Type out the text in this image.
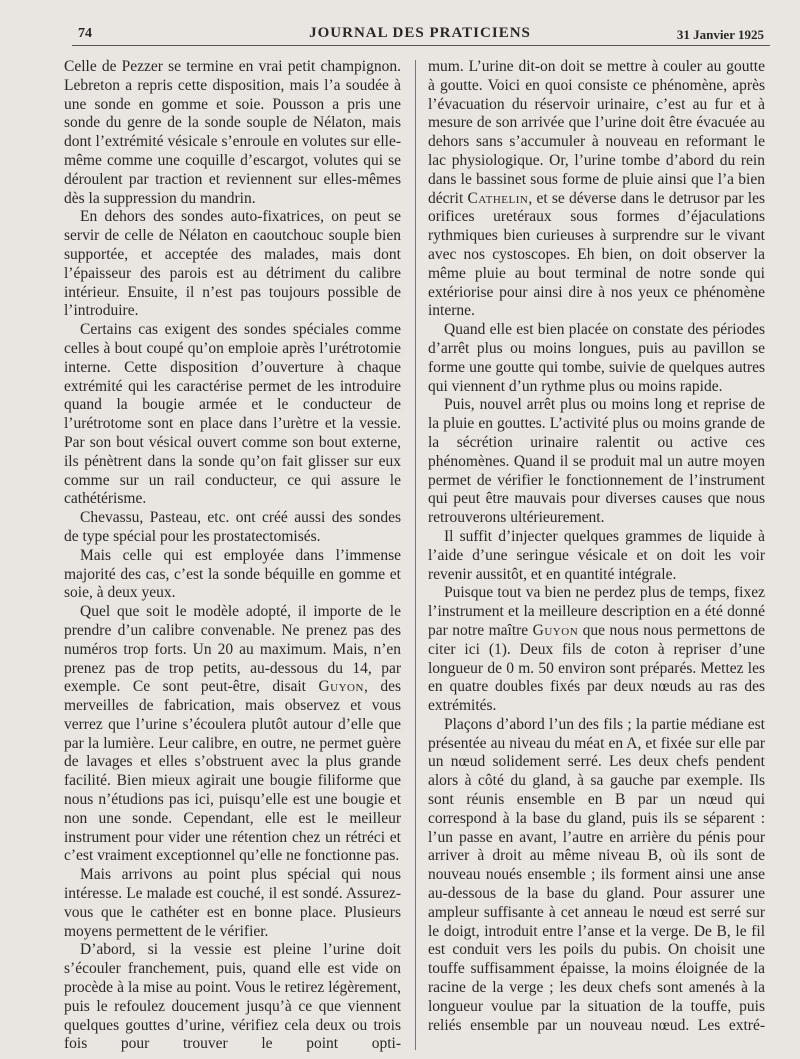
74	JOURNAL DES PRATICIENS	31 Janvier 1925

Celle de Pezzer se termine en vrai petit champignon. Lebreton a repris cette disposition, mais l’a soudée à une sonde en gomme et soie. Pousson a pris une sonde du genre de la sonde souple de Nélaton, mais dont l’extrémité vésicale s’enroule en volutes sur elle-même comme une coquille d’escargot, volutes qui se déroulent par traction et reviennent sur elles-mêmes dès la suppression du mandrin.

En dehors des sondes auto-fixatrices, on peut se servir de celle de Nélaton en caoutchouc souple bien supportée, et acceptée des malades, mais dont l’épaisseur des parois est au détriment du calibre intérieur. Ensuite, il n’est pas toujours possible de l’introduire.

Certains cas exigent des sondes spéciales comme celles à bout coupé qu’on emploie après l’urétrotomie interne. Cette disposition d’ouverture à chaque extrémité qui les caractérise permet de les introduire quand la bougie armée et le conducteur de l’urétrotome sont en place dans l’urètre et la vessie. Par son bout vésical ouvert comme son bout externe, ils pénètrent dans la sonde qu’on fait glisser sur eux comme sur un rail conducteur, ce qui assure le cathétérisme.

Chevassu, Pasteau, etc. ont créé aussi des sondes de type spécial pour les prostatectomisés.

Mais celle qui est employée dans l’immense majorité des cas, c’est la sonde béquille en gomme et soie, à deux yeux.

Quel que soit le modèle adopté, il importe de le prendre d’un calibre convenable. Ne prenez pas des numéros trop forts. Un 20 au maximum. Mais, n’en prenez pas de trop petits, au-dessous du 14, par exemple. Ce sont peut-être, disait Guyon, des merveilles de fabrication, mais observez et vous verrez que l’urine s’écoulera plutôt autour d’elle que par la lumière. Leur calibre, en outre, ne permet guère de lavages et elles s’obstruent avec la plus grande facilité. Bien mieux agirait une bougie filiforme que nous n’étudions pas ici, puisqu’elle est une bougie et non une sonde. Cependant, elle est le meilleur instrument pour vider une rétention chez un rétréci et c’est vraiment exceptionnel qu’elle ne fonctionne pas.

Mais arrivons au point plus spécial qui nous intéresse. Le malade est couché, il est sondé. Assurez-vous que le cathéter est en bonne place. Plusieurs moyens permettent de le vérifier.

D’abord, si la vessie est pleine l’urine doit s’écouler franchement, puis, quand elle est vide on procède à la mise au point. Vous le retirez légèrement, puis le refoulez doucement jusqu’à ce que viennent quelques gouttes d’urine, vérifiez cela deux ou trois fois pour trouver le point opti-

mum. L’urine dit-on doit se mettre à couler au goutte à goutte. Voici en quoi consiste ce phénomène, après l’évacuation du réservoir urinaire, c’est au fur et à mesure de son arrivée que l’urine doit être évacuée au dehors sans s’accumuler à nouveau en reformant le lac physiologique. Or, l’urine tombe d’abord du rein dans le bassinet sous forme de pluie ainsi que l’a bien décrit Cathelin, et se déverse dans le detrusor par les orifices uretéraux sous formes d’éjaculations rythmiques bien curieuses à surprendre sur le vivant avec nos cystoscopes. Eh bien, on doit observer la même pluie au bout terminal de notre sonde qui extériorise pour ainsi dire à nos yeux ce phénomène interne.

Quand elle est bien placée on constate des périodes d’arrêt plus ou moins longues, puis au pavillon se forme une goutte qui tombe, suivie de quelques autres qui viennent d’un rythme plus ou moins rapide.

Puis, nouvel arrêt plus ou moins long et reprise de la pluie en gouttes. L’activité plus ou moins grande de la sécrétion urinaire ralentit ou active ces phénomènes. Quand il se produit mal un autre moyen permet de vérifier le fonctionnement de l’instrument qui peut être mauvais pour diverses causes que nous retrouverons ultérieurement.

Il suffit d’injecter quelques grammes de liquide à l’aide d’une seringue vésicale et on doit les voir revenir aussitôt, et en quantité intégrale.

Puisque tout va bien ne perdez plus de temps, fixez l’instrument et la meilleure description en a été donné par notre maître Guyon que nous nous permettons de citer ici (1). Deux fils de coton à repriser d’une longueur de 0 m. 50 environ sont préparés. Mettez les en quatre doubles fixés par deux nœuds au ras des extrémités.

Plaçons d’abord l’un des fils ; la partie médiane est présentée au niveau du méat en A, et fixée sur elle par un nœud solidement serré. Les deux chefs pendent alors à côté du gland, à sa gauche par exemple. Ils sont réunis ensemble en B par un nœud qui correspond à la base du gland, puis ils se séparent : l’un passe en avant, l’autre en arrière du pénis pour arriver à droit au même niveau B, où ils sont de nouveau noués ensemble ; ils forment ainsi une anse au-dessous de la base du gland. Pour assurer une ampleur suffisante à cet anneau le nœud est serré sur le doigt, introduit entre l’anse et la verge. De B, le fil est conduit vers les poils du pubis. On choisit une touffe suffisamment épaisse, la moins éloignée de la racine de la verge ; les deux chefs sont amenés à la longueur voulue par la situation de la touffe, puis reliés ensemble par un nouveau nœud. Les extré-
